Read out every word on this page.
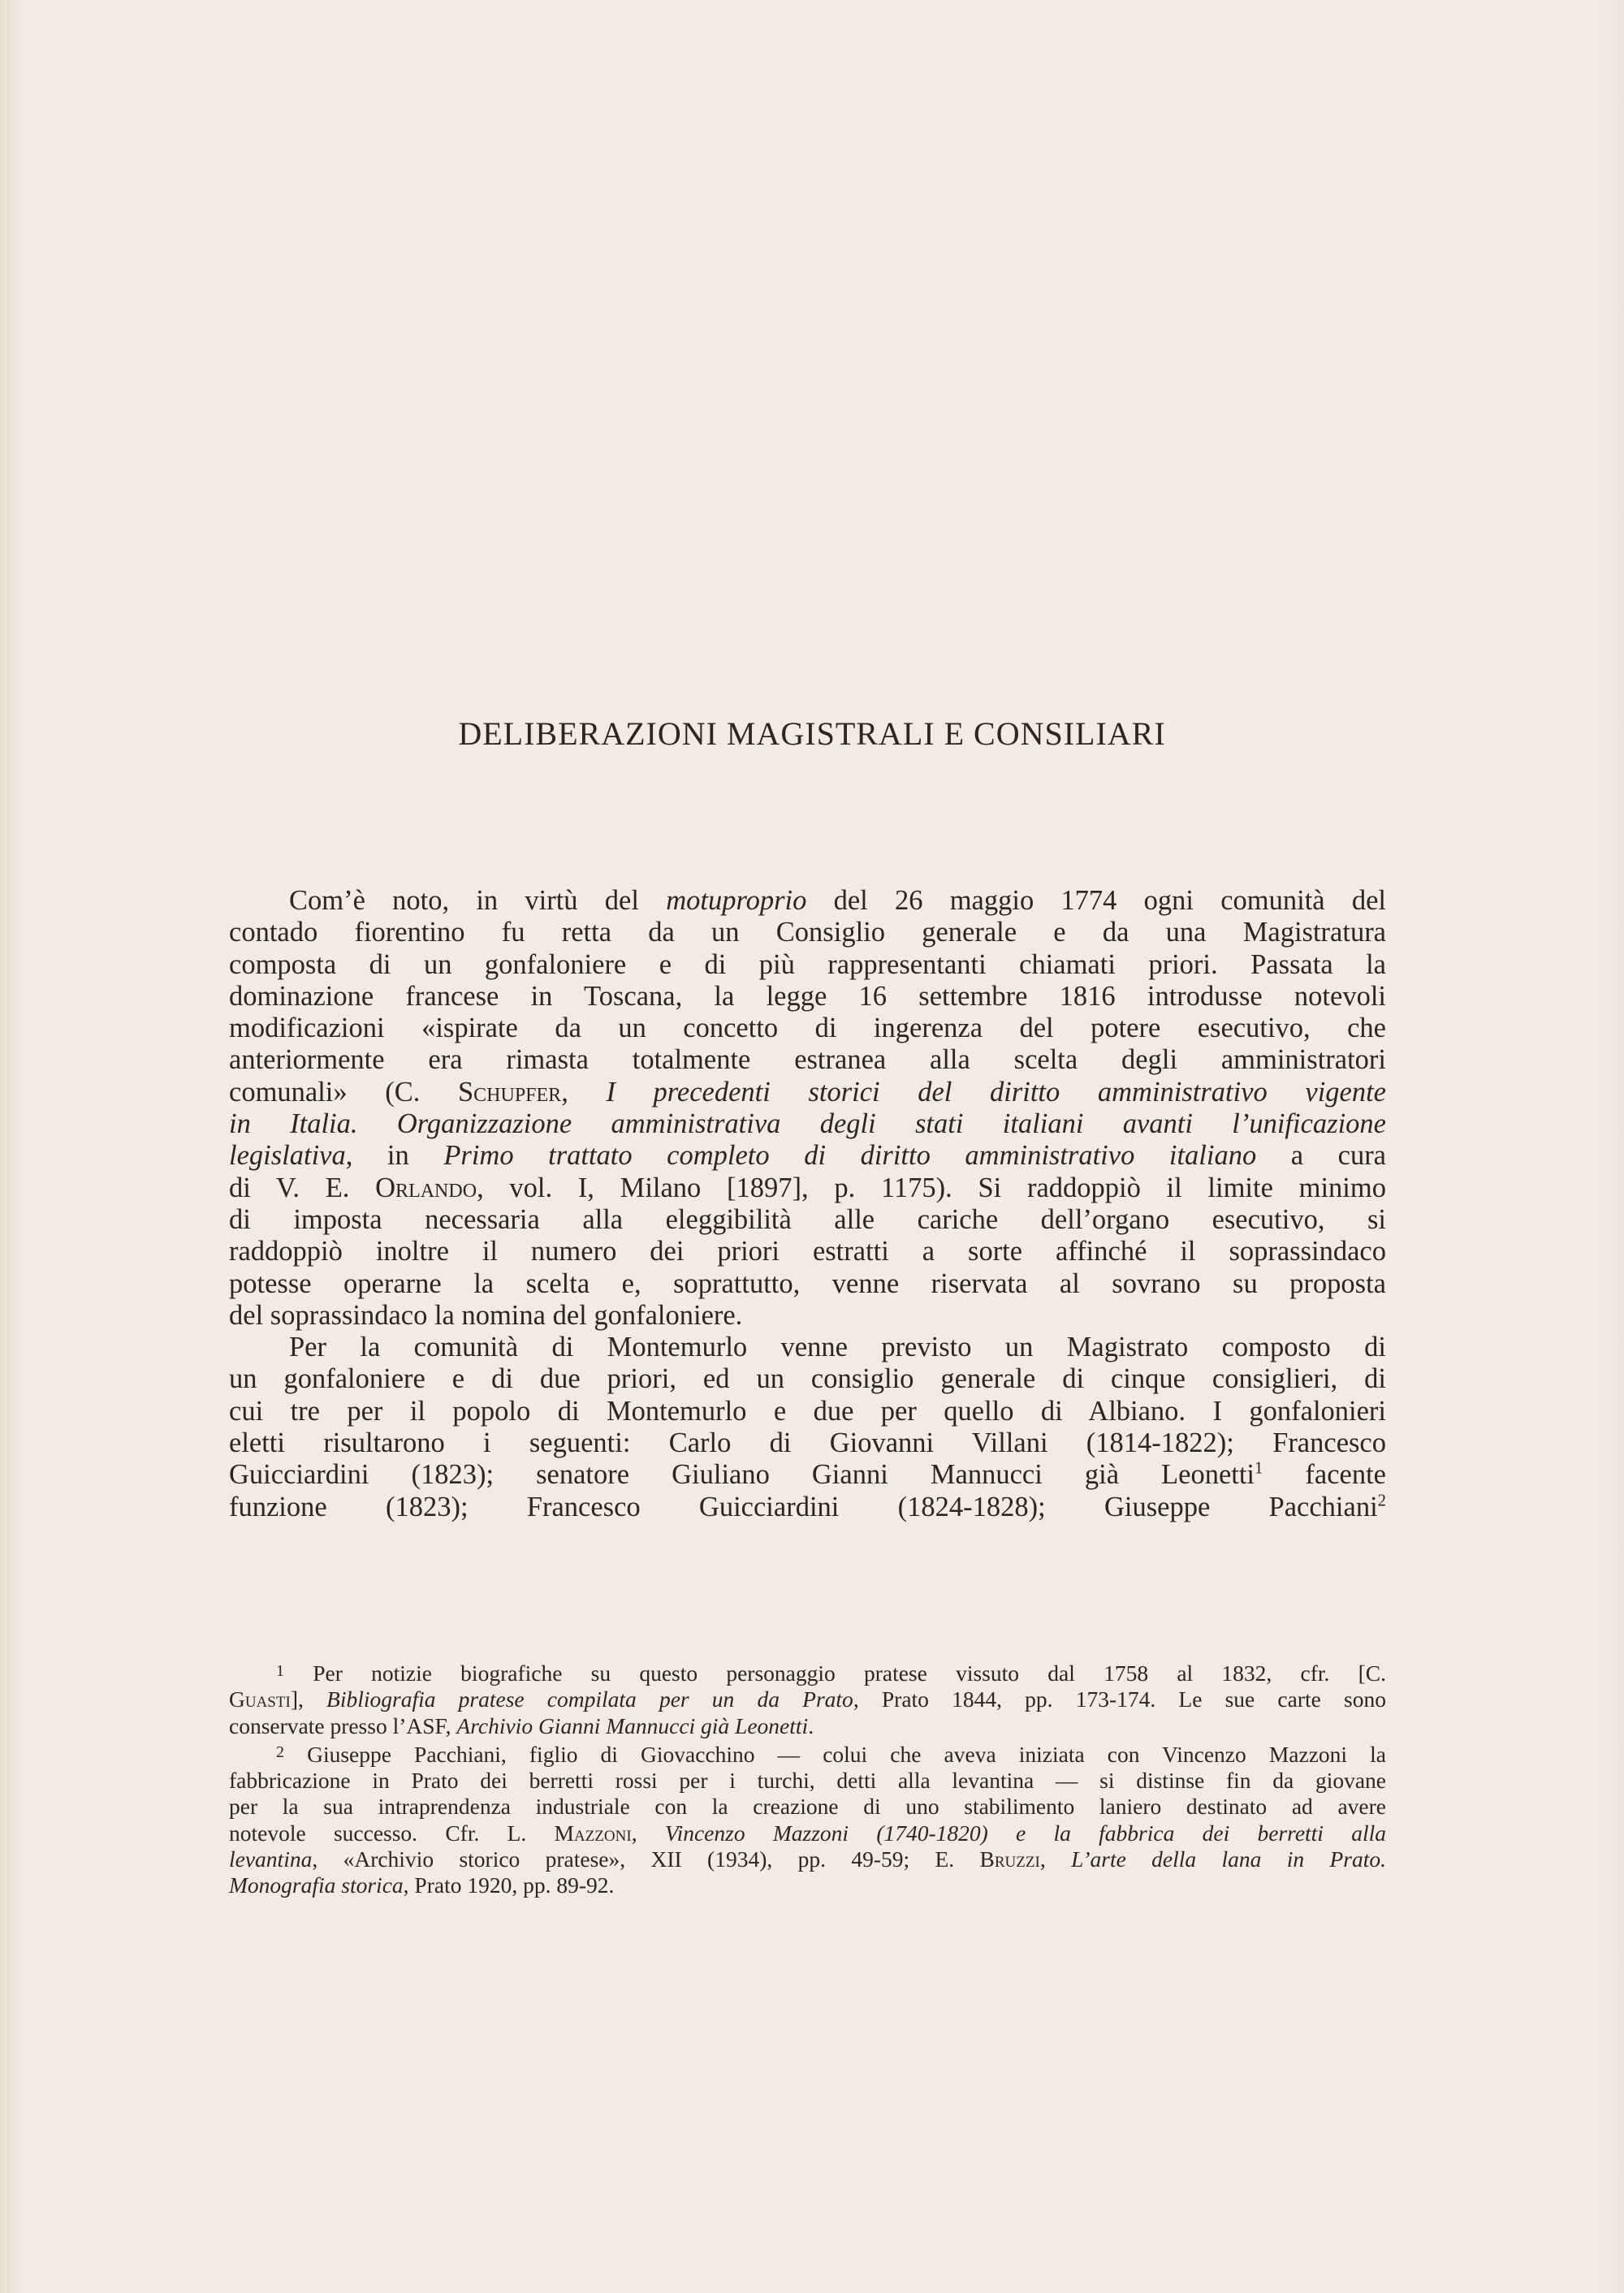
DELIBERAZIONI MAGISTRALI E CONSILIARI
Com’è noto, in virtù del motuproprio del 26 maggio 1774 ogni comunità del
contado fiorentino fu retta da un Consiglio generale e da una Magistratura
composta di un gonfaloniere e di più rappresentanti chiamati priori. Passata la
dominazione francese in Toscana, la legge 16 settembre 1816 introdusse notevoli
modificazioni «ispirate da un concetto di ingerenza del potere esecutivo, che
anteriormente era rimasta totalmente estranea alla scelta degli amministratori
comunali» (C. Schupfer, I precedenti storici del diritto amministrativo vigente
in Italia. Organizzazione amministrativa degli stati italiani avanti l’unificazione
legislativa, in Primo trattato completo di diritto amministrativo italiano a cura
di V. E. Orlando, vol. I, Milano [1897], p. 1175). Si raddoppiò il limite minimo
di imposta necessaria alla eleggibilità alle cariche dell’organo esecutivo, si
raddoppiò inoltre il numero dei priori estratti a sorte affinché il soprassindaco
potesse operarne la scelta e, soprattutto, venne riservata al sovrano su proposta
del soprassindaco la nomina del gonfaloniere.
Per la comunità di Montemurlo venne previsto un Magistrato composto di
un gonfaloniere e di due priori, ed un consiglio generale di cinque consiglieri, di
cui tre per il popolo di Montemurlo e due per quello di Albiano. I gonfalonieri
eletti risultarono i seguenti: Carlo di Giovanni Villani (1814-1822); Francesco
Guicciardini (1823); senatore Giuliano Gianni Mannucci già Leonetti$^1$ facente
funzione (1823); Francesco Guicciardini (1824-1828); Giuseppe Pacchiani$^2$
$^1$ Per notizie biografiche su questo personaggio pratese vissuto dal 1758 al 1832, cfr. [C.
Guasti], Bibliografia pratese compilata per un da Prato, Prato 1844, pp. 173-174. Le sue carte sono
conservate presso l’ASF, Archivio Gianni Mannucci già Leonetti.
$^2$ Giuseppe Pacchiani, figlio di Giovacchino — colui che aveva iniziata con Vincenzo Mazzoni la
fabbricazione in Prato dei berretti rossi per i turchi, detti alla levantina — si distinse fin da giovane
per la sua intraprendenza industriale con la creazione di uno stabilimento laniero destinato ad avere
notevole successo. Cfr. L. Mazzoni, Vincenzo Mazzoni (1740-1820) e la fabbrica dei berretti alla
levantina, «Archivio storico pratese», XII (1934), pp. 49-59; E. Bruzzi, L’arte della lana in Prato.
Monografia storica, Prato 1920, pp. 89-92.
